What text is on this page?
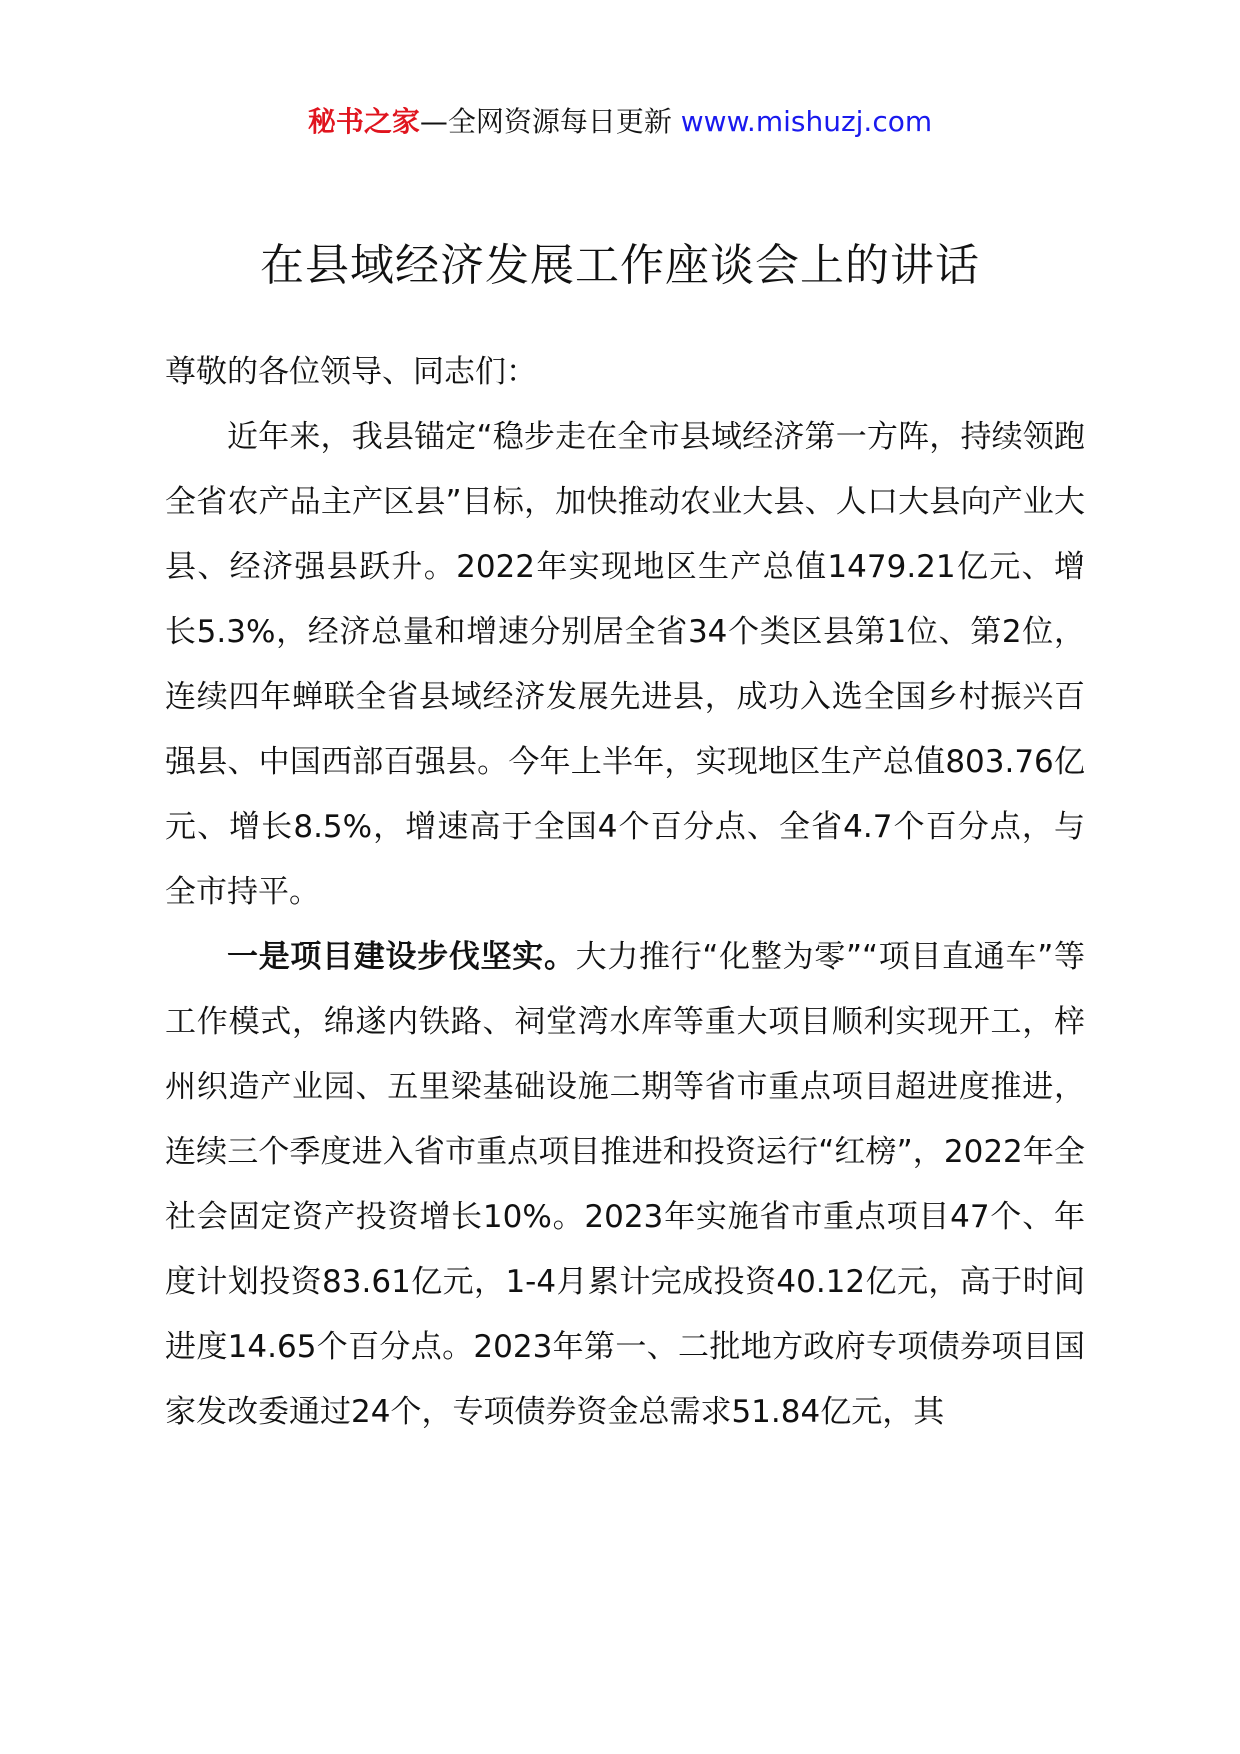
秘书之家—全网资源每日更新 www.mishuzj.com
在县域经济发展工作座谈会上的讲话

尊敬的各位领导、同志们：

近年来，我县锚定“稳步走在全市县域经济第一方阵，持续领跑全省农产品主产区县”目标，加快推动农业大县、人口大县向产业大县、经济强县跃升。2022年实现地区生产总值1479.21亿元、增长5.3%，经济总量和增速分别居全省34个类区县第1位、第2位，连续四年蝉联全省县域经济发展先进县，成功入选全国乡村振兴百强县、中国西部百强县。今年上半年，实现地区生产总值803.76亿元、增长8.5%，增速高于全国4个百分点、全省4.7个百分点，与全市持平。

一是项目建设步伐坚实。大力推行“化整为零”“项目直通车”等工作模式，绵遂内铁路、祠堂湾水库等重大项目顺利实现开工，梓州织造产业园、五里梁基础设施二期等省市重点项目超进度推进，连续三个季度进入省市重点项目推进和投资运行“红榜”，2022年全社会固定资产投资增长10%。2023年实施省市重点项目47个、年度计划投资83.61亿元，1-4月累计完成投资40.12亿元，高于时间进度14.65个百分点。2023年第一、二批地方政府专项债券项目国家发改委通过24个，专项债券资金总需求51.84亿元，其
